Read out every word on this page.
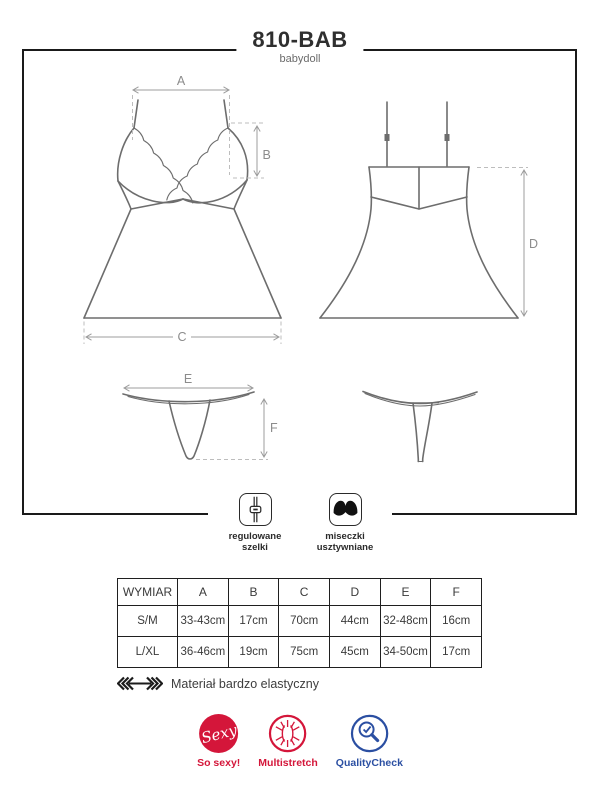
810-BAB
babydoll
A
B
C
D
E
F
regulowane
szelki
miseczki
usztywniane
WYMIAR	A	B	C	D	E	F
S/M	33-43cm	17cm	70cm	44cm	32-48cm	16cm
L/XL	36-46cm	19cm	75cm	45cm	34-50cm	17cm
Materiał bardzo elastyczny
Sexy
So sexy! Multistretch QualityCheck
